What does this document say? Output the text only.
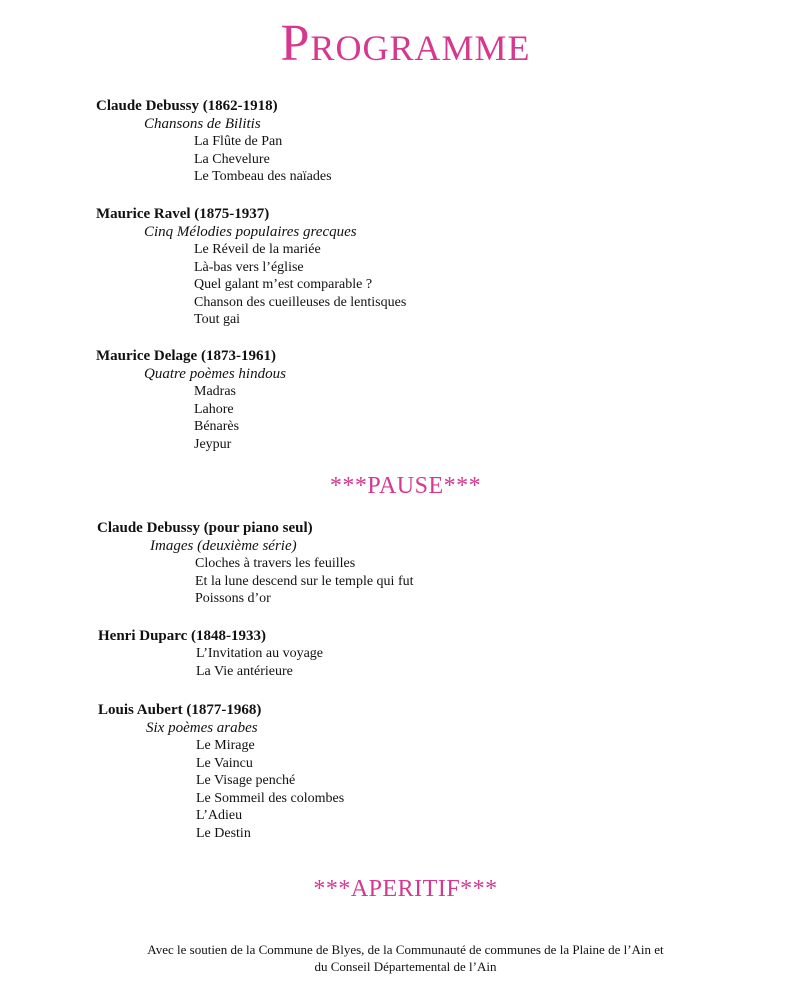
Programme
Claude Debussy (1862-1918)
Chansons de Bilitis
La Flûte de Pan
La Chevelure
Le Tombeau des naïades
Maurice Ravel (1875-1937)
Cinq Mélodies populaires grecques
Le Réveil de la mariée
Là-bas vers l’église
Quel galant m’est comparable ?
Chanson des cueilleuses de lentisques
Tout gai
Maurice Delage (1873-1961)
Quatre poèmes hindous
Madras
Lahore
Bénarès
Jeypur
***PAUSE***
Claude Debussy (pour piano seul)
Images (deuxième série)
Cloches à travers les feuilles
Et la lune descend sur le temple qui fut
Poissons d’or
Henri Duparc (1848-1933)
L’Invitation au voyage
La Vie antérieure
Louis Aubert (1877-1968)
Six poèmes arabes
Le Mirage
Le Vaincu
Le Visage penché
Le Sommeil des colombes
L’Adieu
Le Destin
***APERITIF***
Avec le soutien de la Commune de Blyes, de la Communauté de communes de la Plaine de l’Ain et
du Conseil Départemental de l’Ain
